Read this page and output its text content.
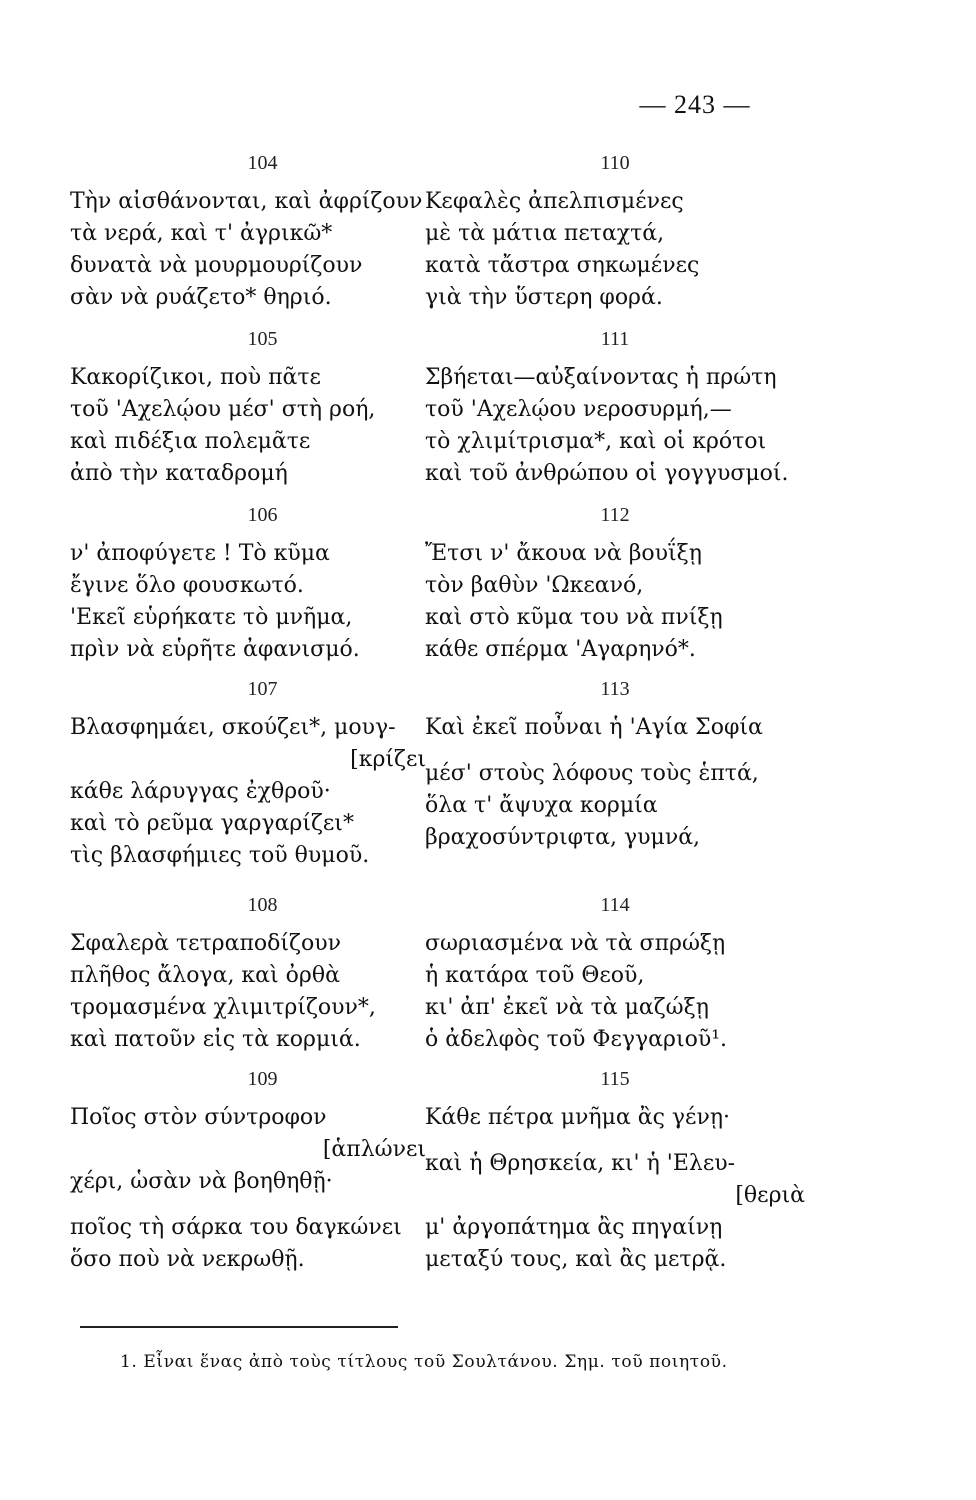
— 243 —
104
Τὴν αἰσθάνονται, καὶ ἀφρίζουν
τὰ νερά, καὶ τ' ἀγρικῶ*
δυνατὰ νὰ μουρμουρίζουν
σὰν νὰ ρυάζετο* θηριό.
105
Κακορίζικοι, ποὺ πᾶτε
τοῦ 'Αχελῴου μέσ' στὴ ροή,
καὶ πιδέξια πολεμᾶτε
ἀπὸ τὴν καταδρομή
106
ν' ἀποφύγετε ! Τὸ κῦμα
ἔγινε ὅλο φουσκωτό.
'Εκεῖ εὑρήκατε τὸ μνῆμα,
πρὶν νὰ εὑρῆτε ἀφανισμό.
107
Βλασφημάει, σκούζει*, μουγ-
[κρίζει
κάθε λάρυγγας ἐχθροῦ·
καὶ τὸ ρεῦμα γαργαρίζει*
τὶς βλασφήμιες τοῦ θυμοῦ.
108
Σφαλερὰ τετραποδίζουν
πλῆθος ἄλογα, καὶ ὀρθὰ
τρομασμένα χλιμιτρίζουν*,
καὶ πατοῦν εἰς τὰ κορμιά.
109
Ποῖος στὸν σύντροφον
[ἁπλώνει
χέρι, ὡσὰν νὰ βοηθηθῇ·
ποῖος τὴ σάρκα του δαγκώνει
ὅσο ποὺ νὰ νεκρωθῇ.
110
Κεφαλὲς ἀπελπισμένες
μὲ τὰ μάτια πεταχτά,
κατὰ τἄστρα σηκωμένες
γιὰ τὴν ὕστερη φορά.
111
Σβήεται—αὐξαίνοντας ἡ πρώτη
τοῦ 'Αχελῴου νεροσυρμή,—
τὸ χλιμίτρισμα*, καὶ οἱ κρότοι
καὶ τοῦ ἀνθρώπου οἱ γογγυσμοί.
112
Ἔτσι ν' ἄκουα νὰ βουΐξῃ
τὸν βαθὺν 'Ωκεανό,
καὶ στὸ κῦμα του νὰ πνίξῃ
κάθε σπέρμα 'Αγαρηνό*.
113
Καὶ ἐκεῖ ποὖναι ἡ 'Αγία Σοφία
μέσ' στοὺς λόφους τοὺς ἑπτά,
ὅλα τ' ἄψυχα κορμία
βραχοσύντριφτα, γυμνά,
114
σωριασμένα νὰ τὰ σπρώξῃ
ἡ κατάρα τοῦ Θεοῦ,
κι' ἀπ' ἐκεῖ νὰ τὰ μαζώξῃ
ὁ ἀδελφὸς τοῦ Φεγγαριοῦ¹.
115
Κάθε πέτρα μνῆμα ἂς γένῃ·
καὶ ἡ Θρησκεία, κι' ἡ 'Ελευ-
[θεριὰ
μ' ἀργοπάτημα ἂς πηγαίνῃ
μεταξύ τους, καὶ ἂς μετρᾷ.
1. Εἶναι ἕνας ἀπὸ τοὺς τίτλους τοῦ Σουλτάνου. Σημ. τοῦ ποιητοῦ.
